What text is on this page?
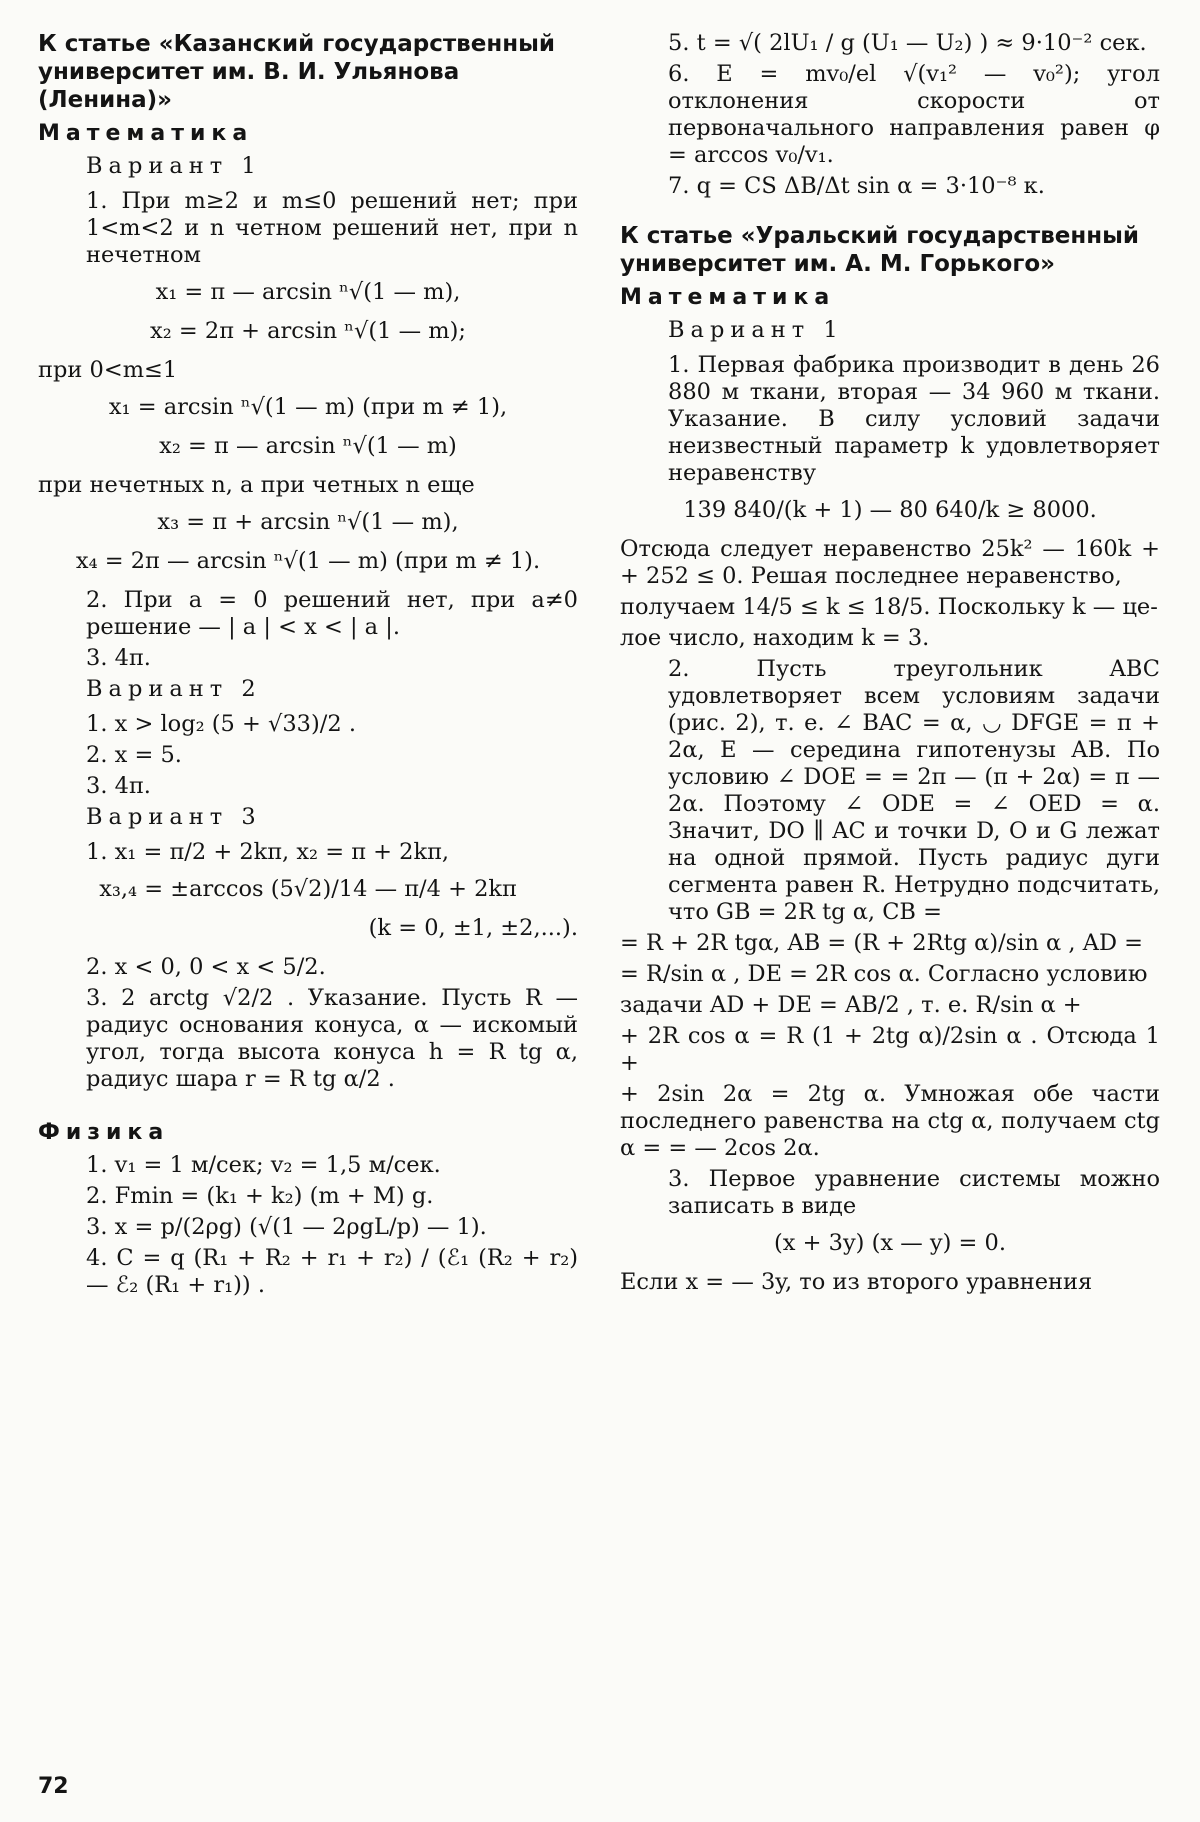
К статье «Казанский государственный университет им. В. И. Ульянова (Ленина)»
Математика
Вариант 1
1. При m≥2 и m≤0 решений нет; при 1<m<2 и n четном решений нет, при n нечетном
x₁ = π — arcsin ⁿ√(1 — m),
x₂ = 2π + arcsin ⁿ√(1 — m);
при 0<m≤1
x₁ = arcsin ⁿ√(1 — m) (при m ≠ 1),
x₂ = π — arcsin ⁿ√(1 — m)
при нечетных n, а при четных n еще
x₃ = π + arcsin ⁿ√(1 — m),
x₄ = 2π — arcsin ⁿ√(1 — m) (при m ≠ 1).
2. При a = 0 решений нет, при a≠0 решение — | a | < x < | a |.
3. 4π.
Вариант 2
1. x > log₂ (5 + √33)/2 .
2. x = 5.
3. 4π.
Вариант 3
1. x₁ = π/2 + 2kπ, x₂ = π + 2kπ,
x₃,₄ = ±arccos (5√2)/14 — π/4 + 2kπ
(k = 0, ±1, ±2,...).
2. x < 0, 0 < x < 5/2.
3. 2 arctg √2/2 . Указание. Пусть R — радиус основания конуса, α — искомый угол, тогда высота конуса h = R tg α, радиус шара r = R tg α/2 .
Физика
1. v₁ = 1 м/сек; v₂ = 1,5 м/сек.
2. Fmin = (k₁ + k₂) (m + M) g.
3. x = p/(2ρg) (√(1 — 2ρgL/p) — 1).
4. C = q (R₁ + R₂ + r₁ + r₂) / (ℰ₁ (R₂ + r₂) — ℰ₂ (R₁ + r₁)) .
5. t = √( 2lU₁ / g (U₁ — U₂) ) ≈ 9·10⁻² сек.
6. E = mv₀/el √(v₁² — v₀²); угол отклонения скорости от первоначального направления равен φ = arccos v₀/v₁.
7. q = CS ΔB/Δt sin α = 3·10⁻⁸ к.
К статье «Уральский государственный университет им. А. М. Горького»
Математика
Вариант 1
1. Первая фабрика производит в день 26 880 м ткани, вторая — 34 960 м ткани. Указание. В силу условий задачи неизвестный параметр k удовлетворяет неравенству
139 840/(k + 1) — 80 640/k ≥ 8000.
Отсюда следует неравенство 25k² — 160k + + 252 ≤ 0. Решая последнее неравенство,
получаем 14/5 ≤ k ≤ 18/5. Поскольку k — це-
лое число, находим k = 3.
2. Пусть треугольник ABC удовлетворяет всем условиям задачи (рис. 2), т. е. ∠ BAC = α, ◡ DFGE = π + 2α, E — середина гипотенузы AB. По условию ∠ DOE = = 2π — (π + 2α) = π — 2α. Поэтому ∠ ODE = ∠ OED = α. Значит, DO ∥ AC и точки D, O и G лежат на одной прямой. Пусть радиус дуги сегмента равен R. Нетрудно подсчитать, что GB = 2R tg α, CB =
= R + 2R tgα, AB = (R + 2Rtg α)/sin α , AD =
= R/sin α , DE = 2R cos α. Согласно условию
задачи AD + DE = AB/2 , т. е. R/sin α +
+ 2R cos α = R (1 + 2tg α)/2sin α . Отсюда 1 +
+ 2sin 2α = 2tg α. Умножая обе части последнего равенства на ctg α, получаем ctg α = = — 2cos 2α.
3. Первое уравнение системы можно записать в виде
(x + 3y) (x — y) = 0.
Если x = — 3y, то из второго уравнения
72
